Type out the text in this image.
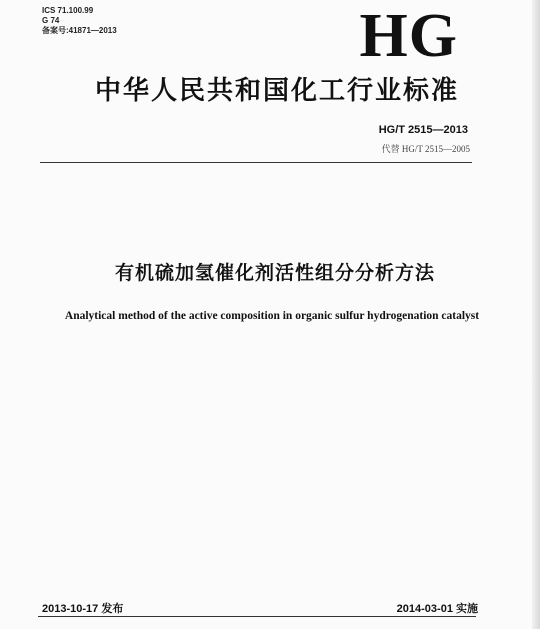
ICS 71.100.99
G 74
备案号:41871—2013	HG
中华人民共和国化工行业标准
HG/T 2515—2013
代替 HG/T 2515—2005
有机硫加氢催化剂活性组分分析方法
Analytical method of the active composition in organic sulfur hydrogenation catalyst
2013-10-17 发布	2014-03-01 实施
